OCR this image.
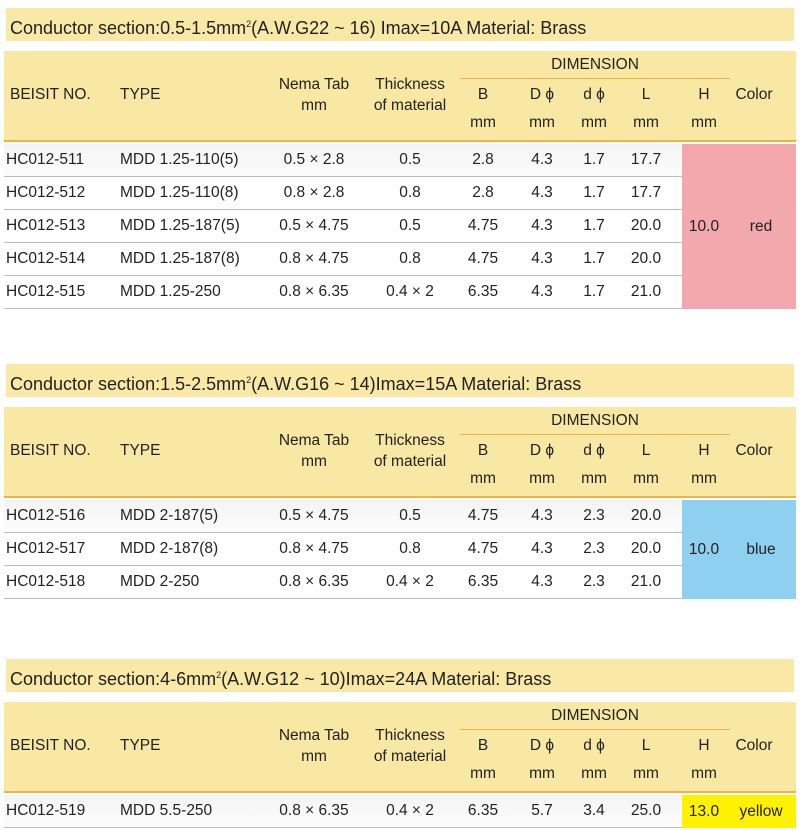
Conductor $section:0.5-1.5mm^2(A.W.G22$ ~ 16) Imax=10A Material: Brass
BEISIT NO. TYPE
Nema Tab
mm
Thickness
of material
DIMENSION
B	D ϕ	d ϕ	L	H	Color
mm	mm	mm	mm	mm
HC012-511 MDD 1.25-110(5)	0.5 × 2.8	0.5	2.8	4.3	1.7	17.7
HC012-512 MDD 1.25-110(8)	0.8 × 2.8	0.8	2.8	4.3	1.7	17.7
HC012-513 MDD 1.25-187(5)	0.5 × 4.75	0.5	4.75	4.3	1.7	20.0
HC012-514 MDD 1.25-187(8)	0.8 × 4.75	0.8	4.75	4.3	1.7	20.0
HC012-515 MDD 1.25-250	0.8 × 6.35	0.4 × 2	6.35	4.3	1.7	21.0
10.0	red
Conductor $section:1.5-2.5mm^2(A.W.G16$ ~ 14)Imax=15A Material: Brass
BEISIT NO. TYPE
Nema Tab
mm
Thickness
of material
DIMENSION
B	D ϕ	d ϕ	L	H	Color
mm	mm	mm	mm	mm
HC012-516 MDD 2-187(5)	0.5 × 4.75	0.5	4.75	4.3	2.3	20.0
HC012-517 MDD 2-187(8)	0.8 × 4.75	0.8	4.75	4.3	2.3	20.0
HC012-518 MDD 2-250	0.8 × 6.35	0.4 × 2	6.35	4.3	2.3	21.0
10.0	blue
Conductor $section:4-6mm^2(A.W.G12$ ~ 10)Imax=24A Material: Brass
BEISIT NO. TYPE
Nema Tab
mm
Thickness
of material
DIMENSION
B	D ϕ	d ϕ	L	H	Color
mm	mm	mm	mm	mm
HC012-519 MDD 5.5-250	0.8 × 6.35	0.4 × 2	6.35	5.7	3.4	25.0	13.0	yellow
